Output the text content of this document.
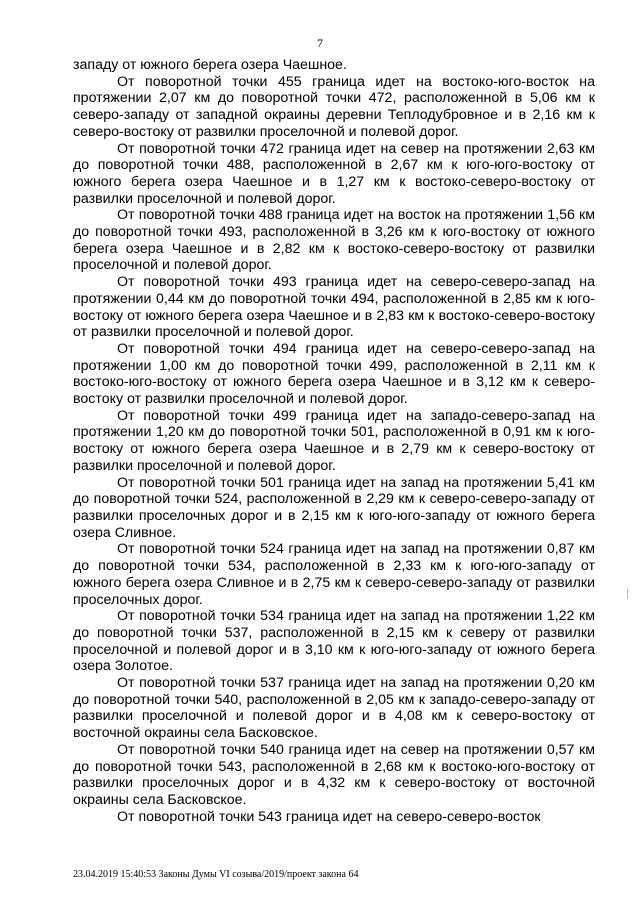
7

западу от южного берега озера Чаешное.

От поворотной точки 455 граница идет на востоко-юго-восток на протяжении 2,07 км до поворотной точки 472, расположенной в 5,06 км к северо-западу от западной окраины деревни Теплодубровное и в 2,16 км к северо-востоку от развилки проселочной и полевой дорог.

От поворотной точки 472 граница идет на север на протяжении 2,63 км до поворотной точки 488, расположенной в 2,67 км к юго-юго-востоку от южного берега озера Чаешное и в 1,27 км к востоко-северо-востоку от развилки проселочной и полевой дорог.

От поворотной точки 488 граница идет на восток на протяжении 1,56 км до поворотной точки 493, расположенной в 3,26 км к юго-востоку от южного берега озера Чаешное и в 2,82 км к востоко-северо-востоку от развилки проселочной и полевой дорог.

От поворотной точки 493 граница идет на северо-северо-запад на протяжении 0,44 км до поворотной точки 494, расположенной в 2,85 км к юго-востоку от южного берега озера Чаешное и в 2,83 км к востоко-северо-востоку от развилки проселочной и полевой дорог.

От поворотной точки 494 граница идет на северо-северо-запад на протяжении 1,00 км до поворотной точки 499, расположенной в 2,11 км к востоко-юго-востоку от южного берега озера Чаешное и в 3,12 км к северо-востоку от развилки проселочной и полевой дорог.

От поворотной точки 499 граница идет на западо-северо-запад на протяжении 1,20 км до поворотной точки 501, расположенной в 0,91 км к юго-востоку от южного берега озера Чаешное и в 2,79 км к северо-востоку от развилки проселочной и полевой дорог.

От поворотной точки 501 граница идет на запад на протяжении 5,41 км до поворотной точки 524, расположенной в 2,29 км к северо-северо-западу от развилки проселочных дорог и в 2,15 км к юго-юго-западу от южного берега озера Сливное.

От поворотной точки 524 граница идет на запад на протяжении 0,87 км до поворотной точки 534, расположенной в 2,33 км к юго-юго-западу от южного берега озера Сливное и в 2,75 км к северо-северо-западу от развилки проселочных дорог.

От поворотной точки 534 граница идет на запад на протяжении 1,22 км до поворотной точки 537, расположенной в 2,15 км к северу от развилки проселочной и полевой дорог и в 3,10 км к юго-юго-западу от южного берега озера Золотое.

От поворотной точки 537 граница идет на запад на протяжении 0,20 км до поворотной точки 540, расположенной в 2,05 км к западо-северо-западу от развилки проселочной и полевой дорог и в 4,08 км к северо-востоку от восточной окраины села Басковское.

От поворотной точки 540 граница идет на север на протяжении 0,57 км до поворотной точки 543, расположенной в 2,68 км к востоко-юго-востоку от развилки проселочных дорог и в 4,32 км к северо-востоку от восточной окраины села Басковское.

От поворотной точки 543 граница идет на северо-северо-восток

23.04.2019 15:40:53 Законы Думы VI созыва/2019/проект закона 64
